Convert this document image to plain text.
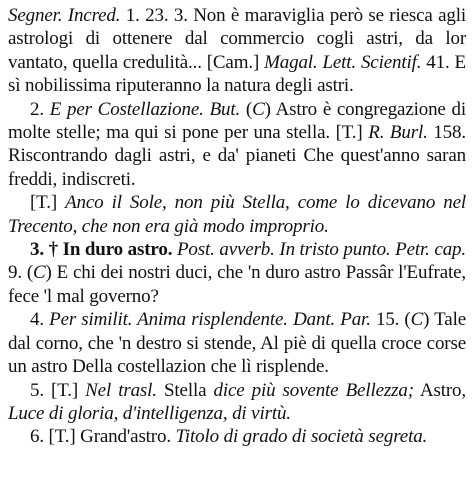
Segner. Incred. 1. 23. 3. Non è maraviglia però se riesca agli astrologi di ottenere dal commercio cogli astri, da lor vantato, quella credulità... [Cam.] Magal. Lett. Scientif. 41. E sì nobilissima riputeranno la natura degli astri.

2. E per Costellazione. But. (C) Astro è congregazione di molte stelle; ma qui si pone per una stella. [T.] R. Burl. 158. Riscontrando dagli astri, e da' pianeti Che quest'anno saran freddi, indiscreti.

[T.] Anco il Sole, non più Stella, come lo dicevano nel Trecento, che non era già modo improprio.

3. † In duro astro. Post. avverb. In tristo punto. Petr. cap. 9. (C) E chi dei nostri duci, che 'n duro astro Passâr l'Eufrate, fece 'l mal governo?

4. Per similit. Anima risplendente. Dant. Par. 15. (C) Tale dal corno, che 'n destro si stende, Al piè di quella croce corse un astro Della costellazion che lì risplende.

5. [T.] Nel trasl. Stella dice più sovente Bellezza; Astro, Luce di gloria, d'intelligenza, di virtù.

6. [T.] Grand'astro. Titolo di grado di società segreta.
